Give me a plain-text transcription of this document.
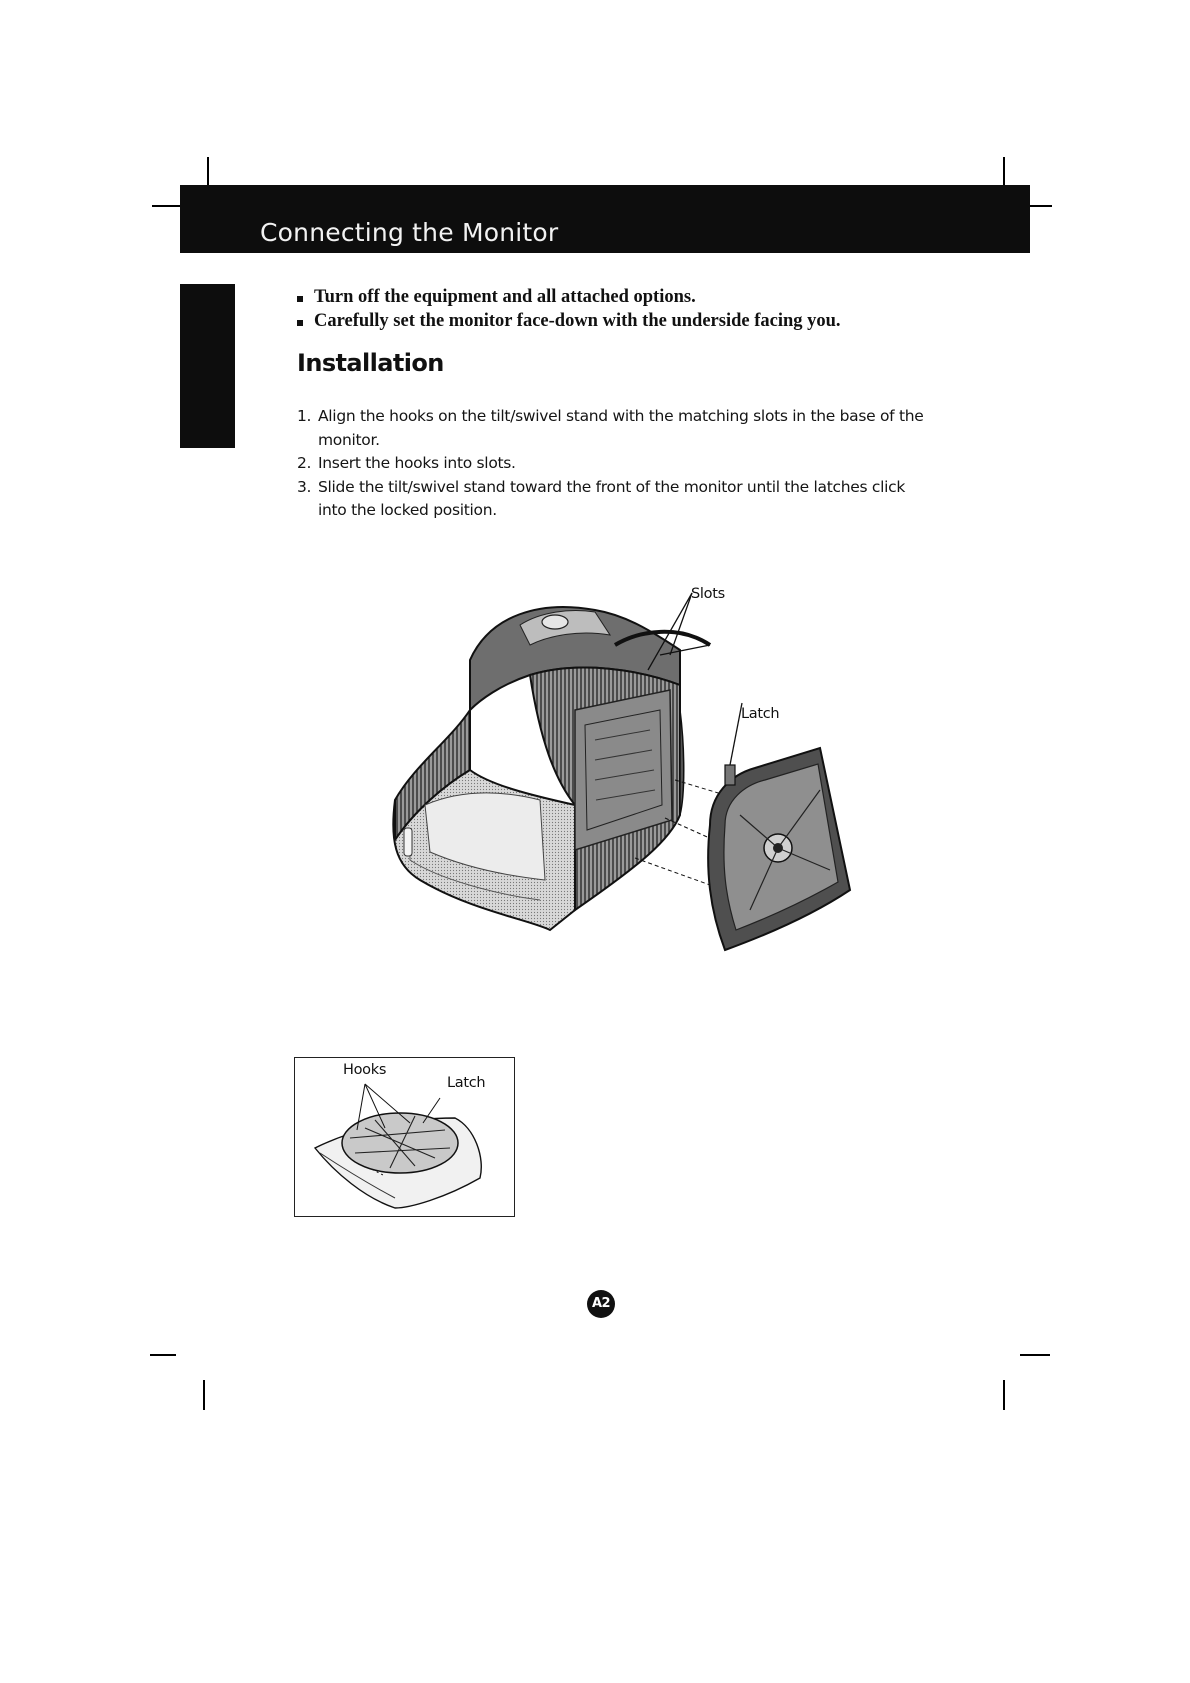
Connecting the Monitor
Turn off the equipment and all attached options.
Carefully set the monitor face-down with the underside facing you.
Installation
1. Align the hooks on the tilt/swivel stand with the matching slots in the base of the monitor.
2. Insert the hooks into slots.
3. Slide the tilt/swivel stand toward the front of the monitor until the latches click into the locked position.
Slots
Latch
Hooks
Latch
A2
